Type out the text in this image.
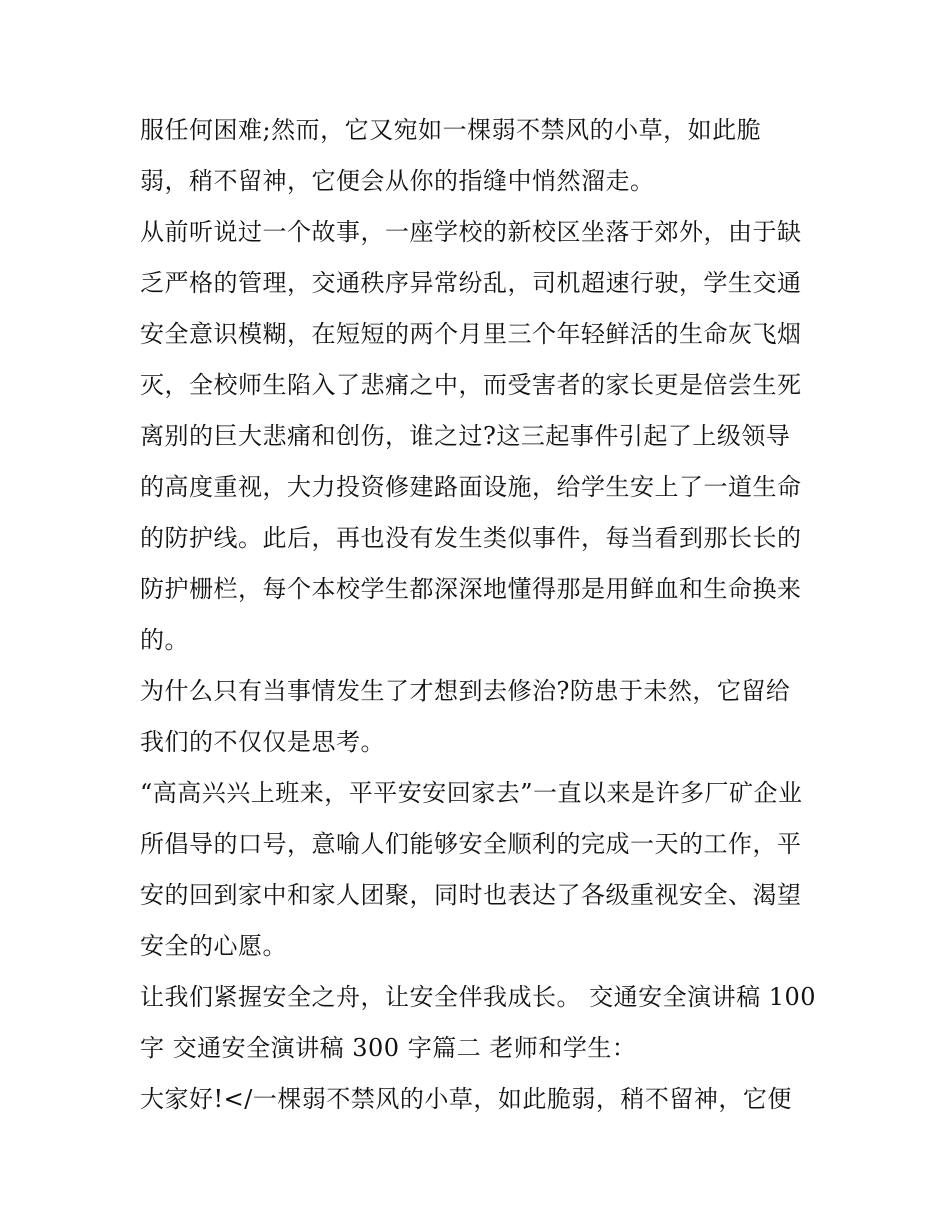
服任何困难;然而，它又宛如一棵弱不禁风的小草，如此脆
弱，稍不留神，它便会从你的指缝中悄然溜走。
从前听说过一个故事，一座学校的新校区坐落于郊外，由于缺
乏严格的管理，交通秩序异常纷乱，司机超速行驶，学生交通
安全意识模糊，在短短的两个月里三个年轻鲜活的生命灰飞烟
灭，全校师生陷入了悲痛之中，而受害者的家长更是倍尝生死
离别的巨大悲痛和创伤，谁之过?这三起事件引起了上级领导
的高度重视，大力投资修建路面设施，给学生安上了一道生命
的防护线。此后，再也没有发生类似事件，每当看到那长长的
防护栅栏，每个本校学生都深深地懂得那是用鲜血和生命换来
的。
为什么只有当事情发生了才想到去修治?防患于未然，它留给
我们的不仅仅是思考。
“高高兴兴上班来，平平安安回家去”一直以来是许多厂矿企业
所倡导的口号，意喻人们能够安全顺利的完成一天的工作，平
安的回到家中和家人团聚，同时也表达了各级重视安全、渴望
安全的心愿。
让我们紧握安全之舟，让安全伴我成长。 交通安全演讲稿 100
字 交通安全演讲稿 300 字篇二 老师和学生：
大家好!</一棵弱不禁风的小草，如此脆弱，稍不留神，它便
